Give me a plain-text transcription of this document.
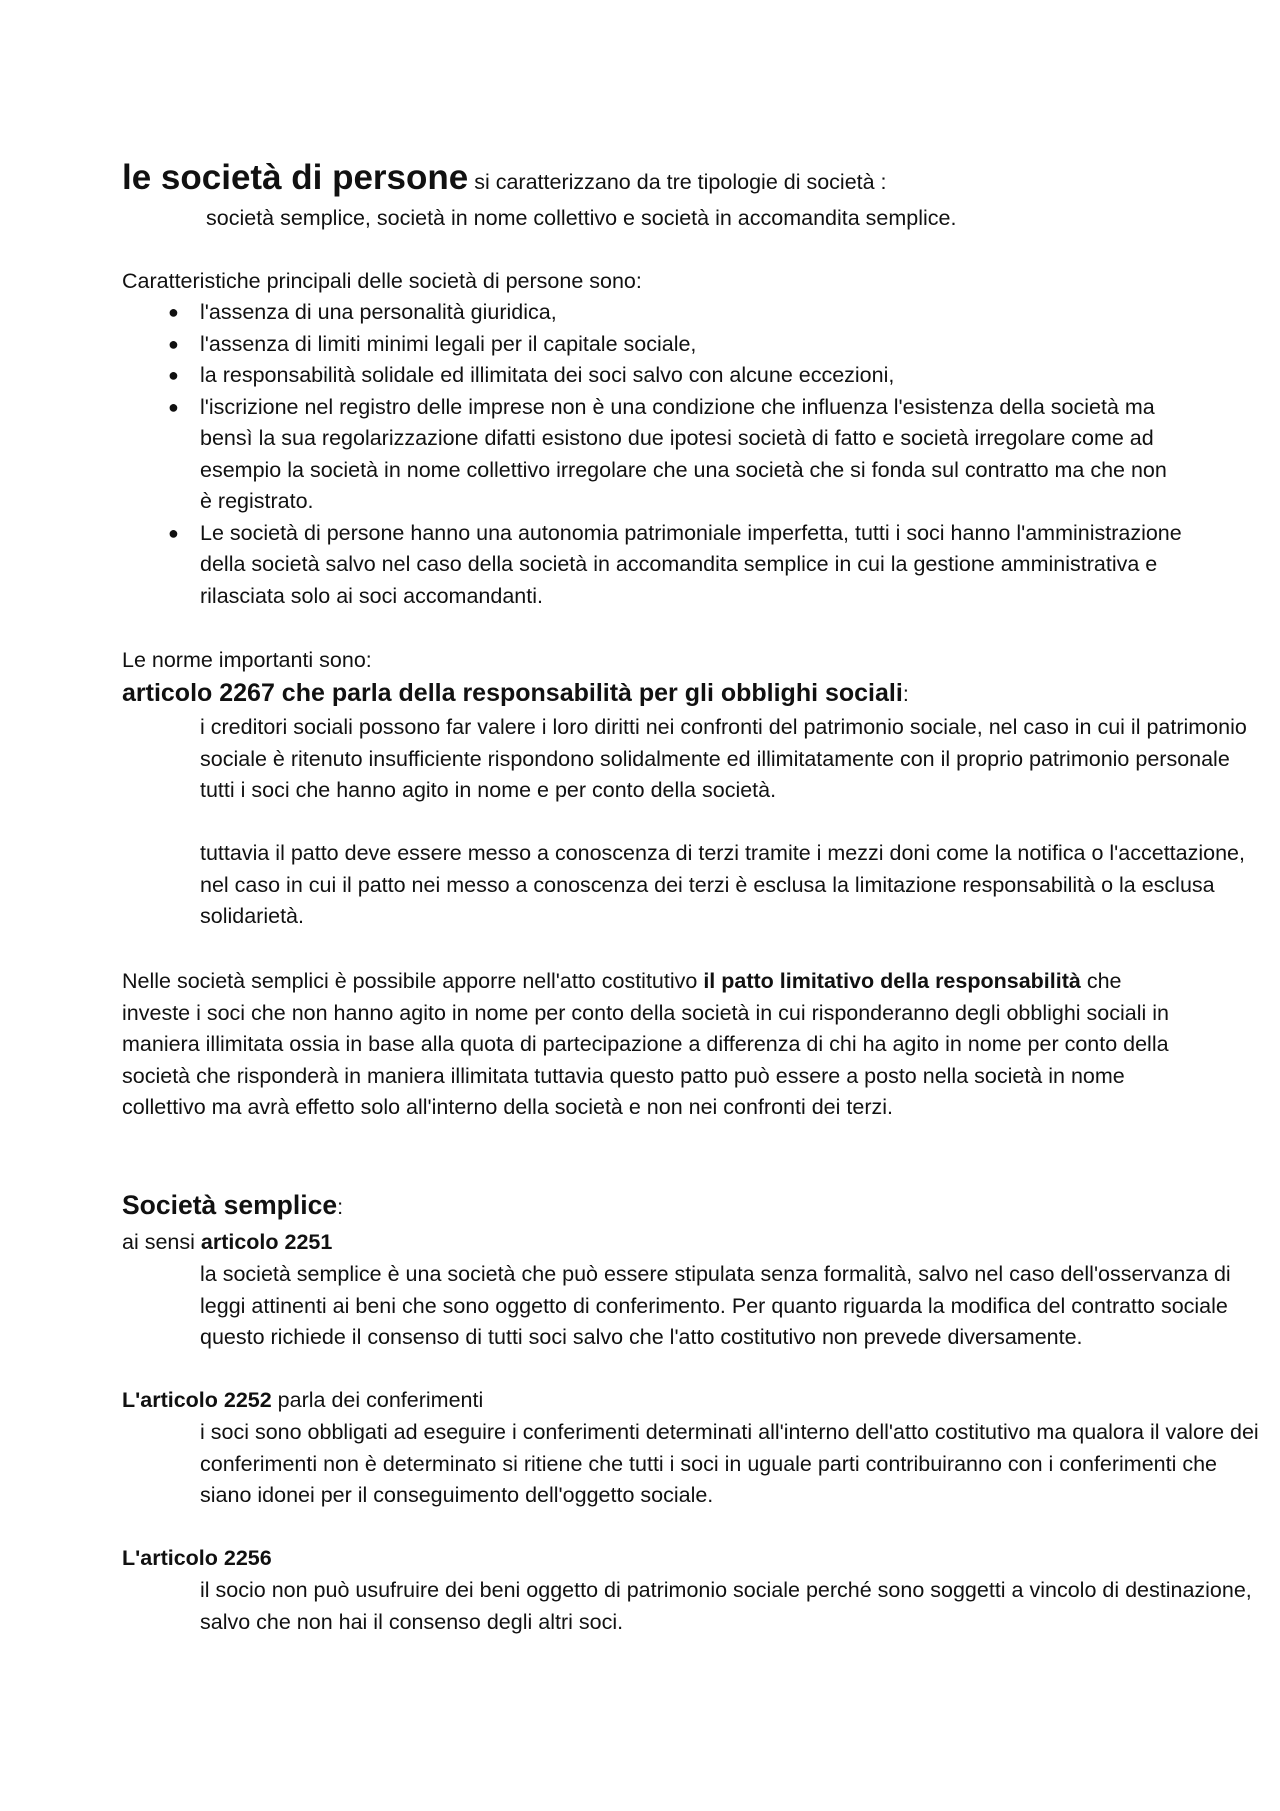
le società di persone si caratterizzano da tre tipologie di società :
società semplice, società in nome collettivo e società in accomandita semplice.
Caratteristiche principali delle società di persone sono:
● l'assenza di una personalità giuridica,
● l'assenza di limiti minimi legali per il capitale sociale,
● la responsabilità solidale ed illimitata dei soci salvo con alcune eccezioni,
● l'iscrizione nel registro delle imprese non è una condizione che influenza l'esistenza della società ma bensì la sua regolarizzazione difatti esistono due ipotesi società di fatto e società irregolare come ad esempio la società in nome collettivo irregolare che una società che si fonda sul contratto ma che non è registrato.
● Le società di persone hanno una autonomia patrimoniale imperfetta, tutti i soci hanno l'amministrazione della società salvo nel caso della società in accomandita semplice in cui la gestione amministrativa e rilasciata solo ai soci accomandanti.
Le norme importanti sono:
articolo 2267 che parla della responsabilità per gli obblighi sociali:
i creditori sociali possono far valere i loro diritti nei confronti del patrimonio sociale, nel caso in cui il patrimonio sociale è ritenuto insufficiente rispondono solidalmente ed illimitatamente con il proprio patrimonio personale tutti i soci che hanno agito in nome e per conto della società.
tuttavia il patto deve essere messo a conoscenza di terzi tramite i mezzi doni come la notifica o l'accettazione, nel caso in cui il patto nei messo a conoscenza dei terzi è esclusa la limitazione responsabilità o la esclusa solidarietà.
Nelle società semplici è possibile apporre nell'atto costitutivo il patto limitativo della responsabilità che investe i soci che non hanno agito in nome per conto della società in cui risponderanno degli obblighi sociali in maniera illimitata ossia in base alla quota di partecipazione a differenza di chi ha agito in nome per conto della società che risponderà in maniera illimitata tuttavia questo patto può essere a posto nella società in nome collettivo ma avrà effetto solo all'interno della società e non nei confronti dei terzi.
Società semplice:
ai sensi articolo 2251
la società semplice è una società che può essere stipulata senza formalità, salvo nel caso dell'osservanza di leggi attinenti ai beni che sono oggetto di conferimento. Per quanto riguarda la modifica del contratto sociale questo richiede il consenso di tutti soci salvo che l'atto costitutivo non prevede diversamente.
L'articolo 2252 parla dei conferimenti
i soci sono obbligati ad eseguire i conferimenti determinati all'interno dell'atto costitutivo ma qualora il valore dei conferimenti non è determinato si ritiene che tutti i soci in uguale parti contribuiranno con i conferimenti che siano idonei per il conseguimento dell'oggetto sociale.
L'articolo 2256
il socio non può usufruire dei beni oggetto di patrimonio sociale perché sono soggetti a vincolo di destinazione, salvo che non hai il consenso degli altri soci.
